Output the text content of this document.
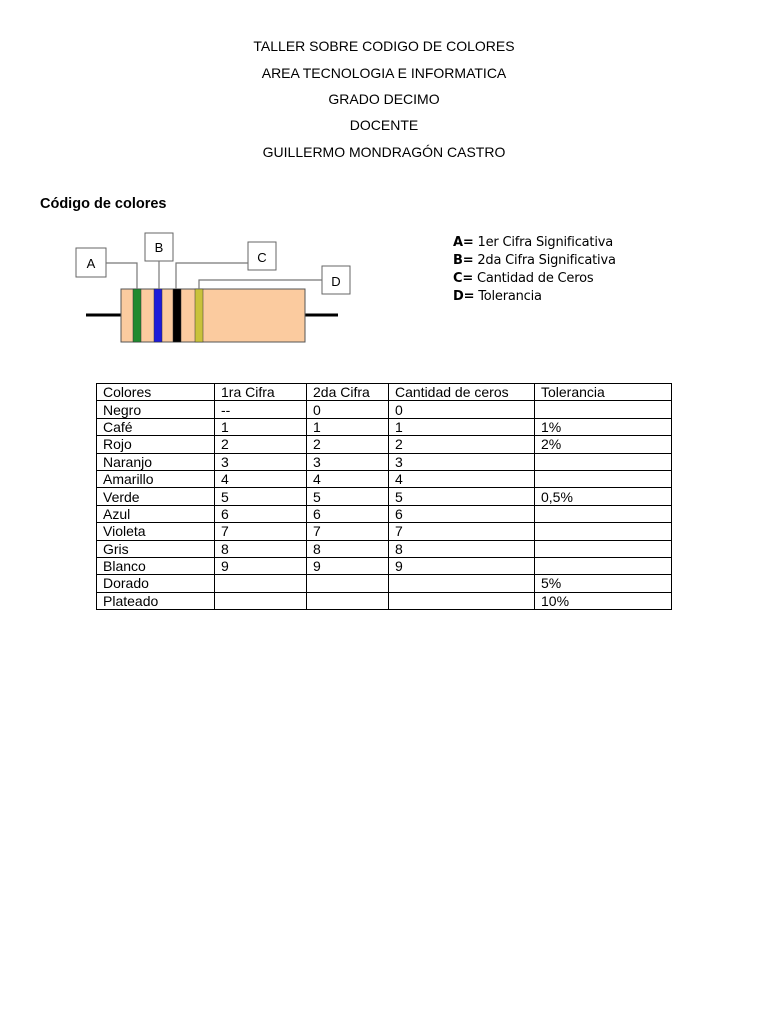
TALLER SOBRE CODIGO DE COLORES
AREA TECNOLOGIA E INFORMATICA
GRADO DECIMO
DOCENTE
GUILLERMO MONDRAGÓN CASTRO
Código de colores
A
B
C
D
A= 1er Cifra Significativa
B= 2da Cifra Significativa
C= Cantidad de Ceros
D= Tolerancia
Colores	1ra Cifra	2da Cifra	Cantidad de ceros	Tolerancia
Negro	--	0	0	
Café	1	1	1	1%
Rojo	2	2	2	2%
Naranjo	3	3	3	
Amarillo	4	4	4	
Verde	5	5	5	0,5%
Azul	6	6	6	
Violeta	7	7	7	
Gris	8	8	8	
Blanco	9	9	9	
Dorado				5%
Plateado				10%
